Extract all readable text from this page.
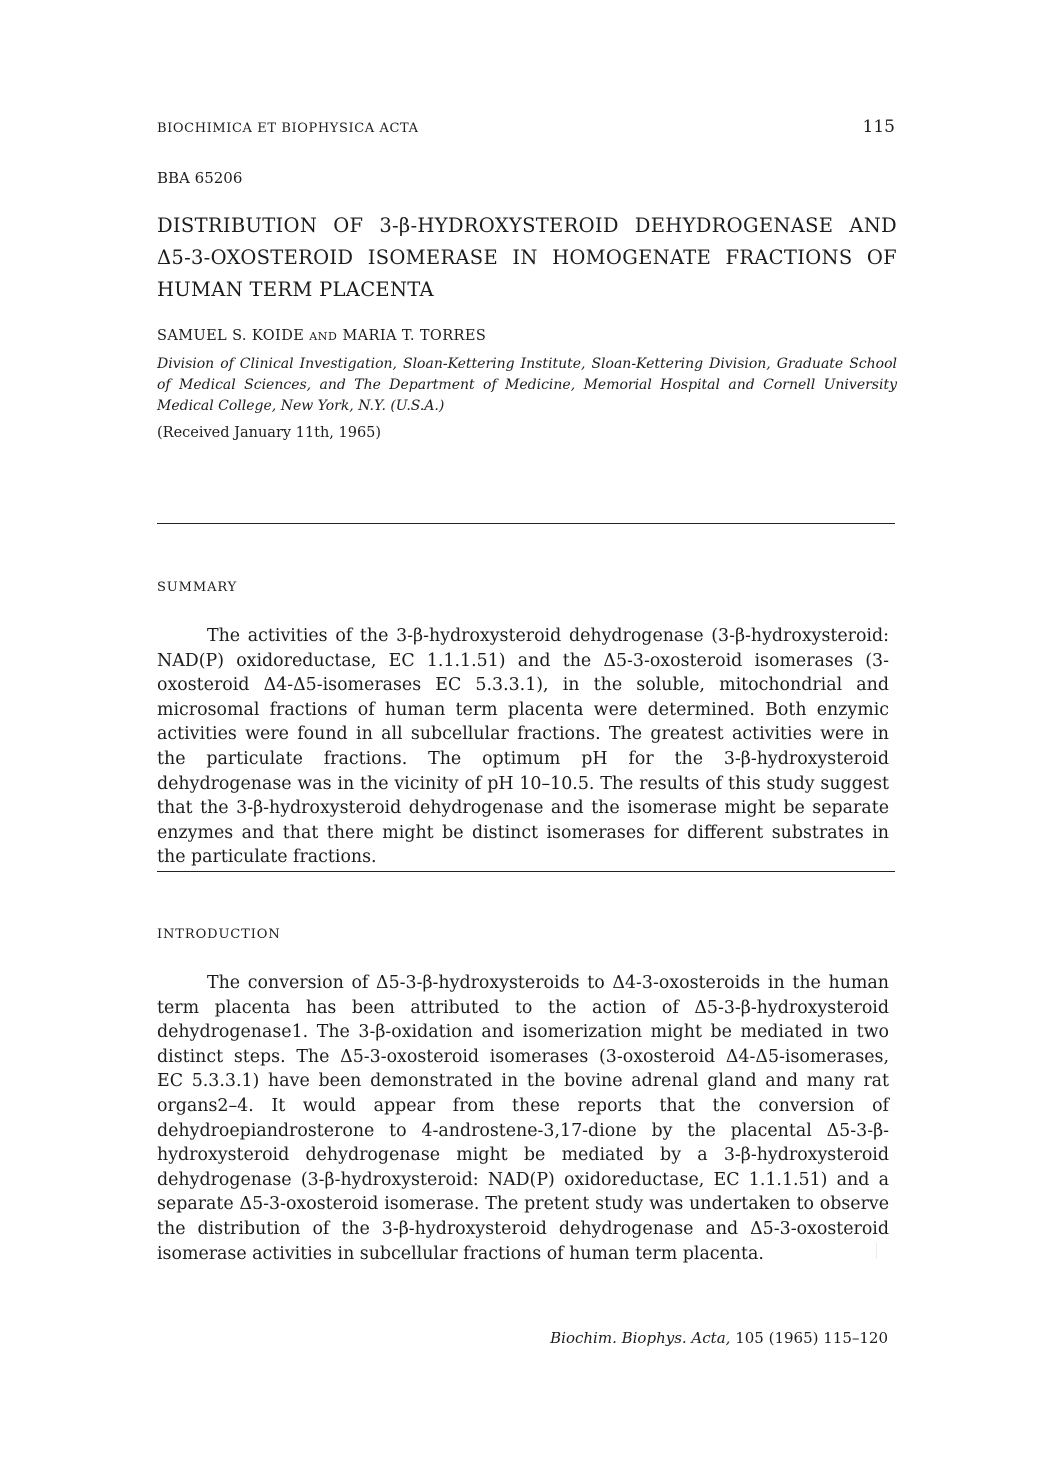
BIOCHIMICA ET BIOPHYSICA ACTA	115
BBA 65206
DISTRIBUTION OF 3-β-HYDROXYSTEROID DEHYDROGENASE AND Δ5-3-OXOSTEROID ISOMERASE IN HOMOGENATE FRACTIONS OF HUMAN TERM PLACENTA
SAMUEL S. KOIDE AND MARIA T. TORRES
Division of Clinical Investigation, Sloan-Kettering Institute, Sloan-Kettering Division, Graduate School of Medical Sciences, and The Department of Medicine, Memorial Hospital and Cornell University Medical College, New York, N.Y. (U.S.A.)
(Received January 11th, 1965)
SUMMARY
The activities of the 3-β-hydroxysteroid dehydrogenase (3-β-hydroxysteroid: NAD(P) oxidoreductase, EC 1.1.1.51) and the Δ5-3-oxosteroid isomerases (3-oxosteroid Δ4-Δ5-isomerases EC 5.3.3.1), in the soluble, mitochondrial and microsomal fractions of human term placenta were determined. Both enzymic activities were found in all subcellular fractions. The greatest activities were in the particulate fractions. The optimum pH for the 3-β-hydroxysteroid dehydrogenase was in the vicinity of pH 10–10.5. The results of this study suggest that the 3-β-hydroxysteroid dehydrogenase and the isomerase might be separate enzymes and that there might be distinct isomerases for different substrates in the particulate fractions.
INTRODUCTION
The conversion of Δ5-3-β-hydroxysteroids to Δ4-3-oxosteroids in the human term placenta has been attributed to the action of Δ5-3-β-hydroxysteroid dehydrogenase1. The 3-β-oxidation and isomerization might be mediated in two distinct steps. The Δ5-3-oxosteroid isomerases (3-oxosteroid Δ4-Δ5-isomerases, EC 5.3.3.1) have been demonstrated in the bovine adrenal gland and many rat organs2–4. It would appear from these reports that the conversion of dehydroepiandrosterone to 4-androstene-3,17-dione by the placental Δ5-3-β-hydroxysteroid dehydrogenase might be mediated by a 3-β-hydroxysteroid dehydrogenase (3-β-hydroxysteroid: NAD(P) oxidoreductase, EC 1.1.1.51) and a separate Δ5-3-oxosteroid isomerase. The pretent study was undertaken to observe the distribution of the 3-β-hydroxysteroid dehydrogenase and Δ5-3-oxosteroid isomerase activities in subcellular fractions of human term placenta.
Biochim. Biophys. Acta, 105 (1965) 115–120
